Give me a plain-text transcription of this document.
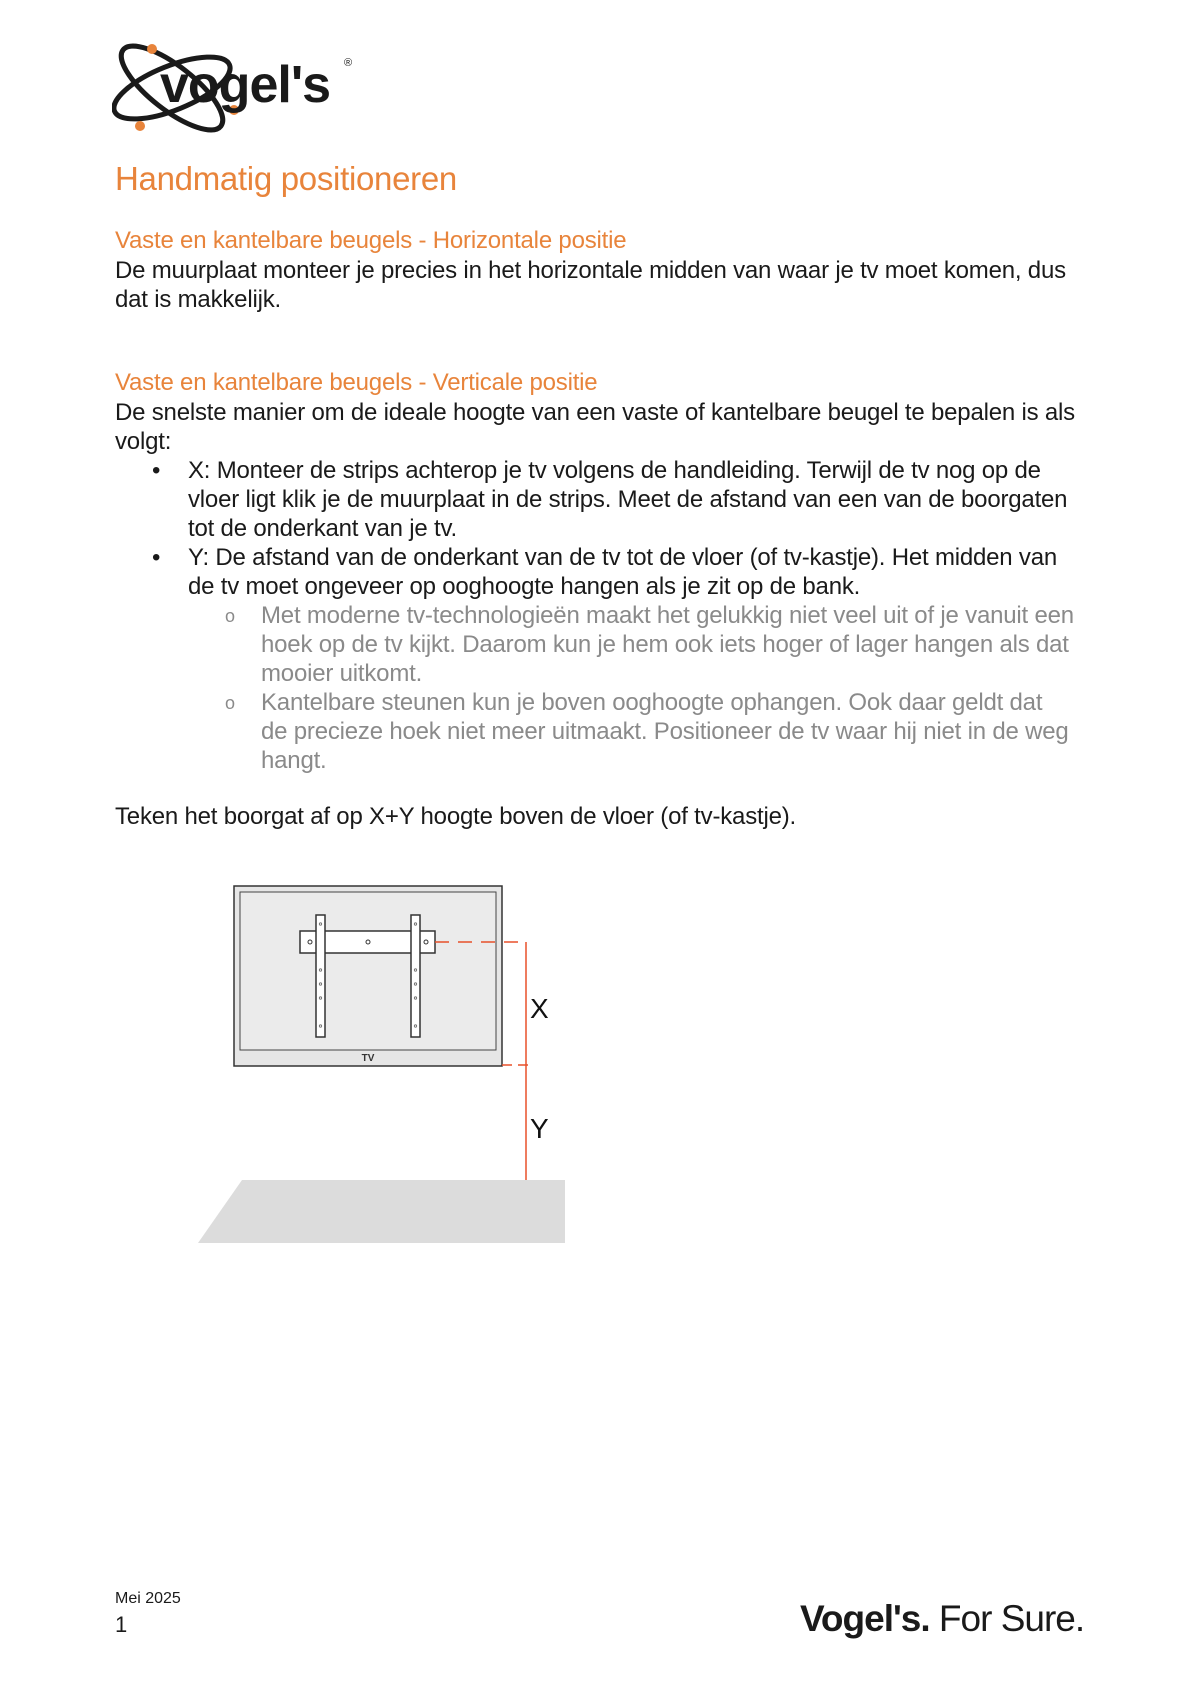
vogel's ®
Handmatig positioneren
Vaste en kantelbare beugels - Horizontale positie

De muurplaat monteer je precies in het horizontale midden van waar je tv moet komen, dus dat is makkelijk.

Vaste en kantelbare beugels - Verticale positie

De snelste manier om de ideale hoogte van een vaste of kantelbare beugel te bepalen is als volgt:

• X: Monteer de strips achterop je tv volgens de handleiding. Terwijl de tv nog op de vloer ligt klik je de muurplaat in de strips. Meet de afstand van een van de boorgaten tot de onderkant van je tv.
• Y: De afstand van de onderkant van de tv tot de vloer (of tv-kastje). Het midden van de tv moet ongeveer op ooghoogte hangen als je zit op de bank.
o Met moderne tv-technologieën maakt het gelukkig niet veel uit of je vanuit een hoek op de tv kijkt. Daarom kun je hem ook iets hoger of lager hangen als dat mooier uitkomt.
o Kantelbare steunen kun je boven ooghoogte ophangen. Ook daar geldt dat de precieze hoek niet meer uitmaakt. Positioneer de tv waar hij niet in de weg hangt.

Teken het boorgat af op X+Y hoogte boven de vloer (of tv-kastje).

TV
X
Y
Mei 2025
1	Vogel's. For Sure.
